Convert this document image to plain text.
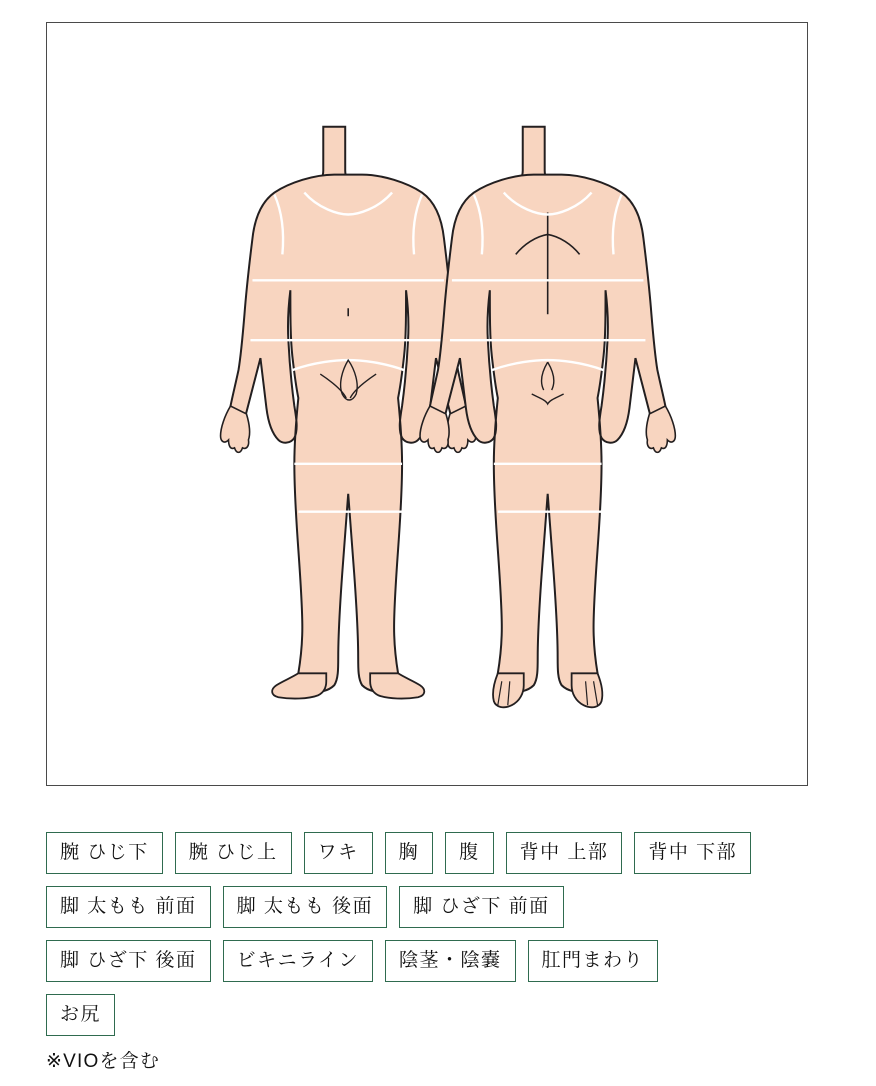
腕 ひじ下	腕 ひじ上	ワキ	胸	腹	背中 上部	背中 下部
脚 太もも 前面	脚 太もも 後面	脚 ひざ下 前面
脚 ひざ下 後面	ビキニライン	陰茎・陰嚢	肛門まわり
お尻
※VIOを含む
